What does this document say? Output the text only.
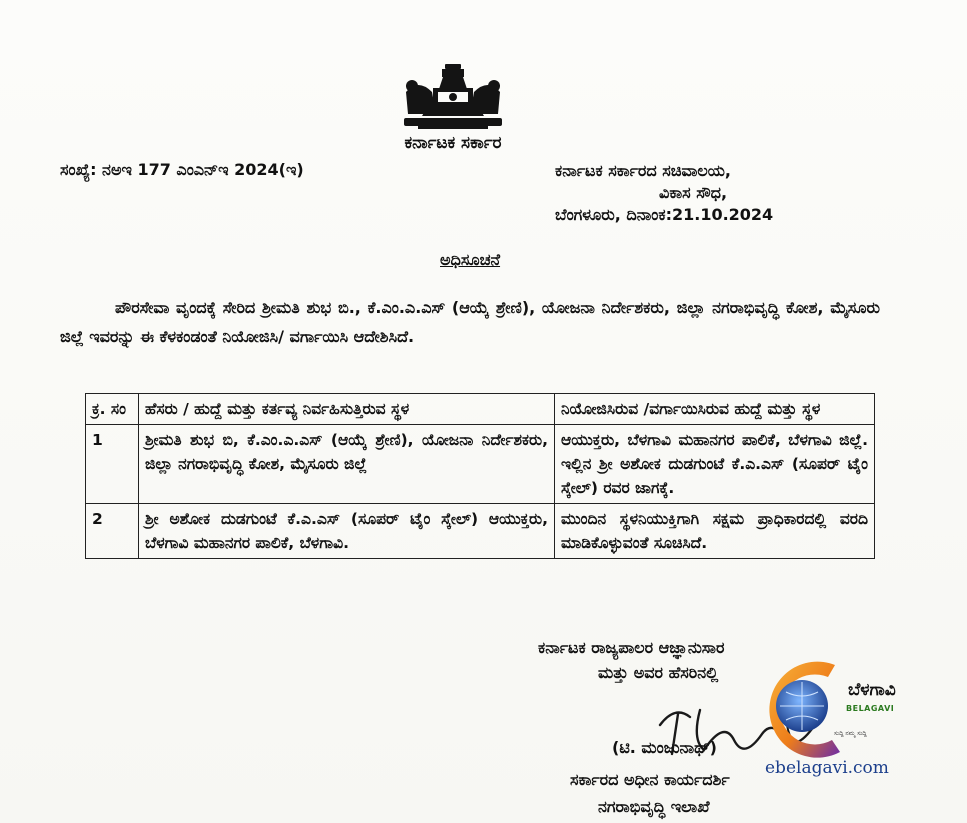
ಕರ್ನಾಟಕ ಸರ್ಕಾರ
ಸಂಖ್ಯೆ: ನಅಇ 177 ಎಂಎನ್‌ಇ 2024(ಇ)	ಕರ್ನಾಟಕ ಸರ್ಕಾರದ ಸಚಿವಾಲಯ,
ವಿಕಾಸ ಸೌಧ,
ಬೆಂಗಳೂರು, ದಿನಾಂಕ:21.10.2024
ಅಧಿಸೂಚನೆ
ಪೌರಸೇವಾ ವೃಂದಕ್ಕೆ ಸೇರಿದ ಶ್ರೀಮತಿ ಶುಭ ಬಿ., ಕೆ.ಎಂ.ಎ.ಎಸ್ (ಆಯ್ಕೆ ಶ್ರೇಣಿ), ಯೋಜನಾ ನಿರ್ದೇಶಕರು, ಜಿಲ್ಲಾ ನಗರಾಭಿವೃದ್ಧಿ ಕೋಶ, ಮೈಸೂರು ಜಿಲ್ಲೆ ಇವರನ್ನು ಈ ಕೆಳಕಂಡಂತೆ ನಿಯೋಜಿಸಿ/ ವರ್ಗಾಯಿಸಿ ಆದೇಶಿಸಿದೆ.
ಕ್ರ. ಸಂ	ಹೆಸರು / ಹುದ್ದೆ ಮತ್ತು ಕರ್ತವ್ಯ ನಿರ್ವಹಿಸುತ್ತಿರುವ ಸ್ಥಳ	ನಿಯೋಜಿಸಿರುವ /ವರ್ಗಾಯಿಸಿರುವ ಹುದ್ದೆ ಮತ್ತು ಸ್ಥಳ
1	ಶ್ರೀಮತಿ ಶುಭ ಬಿ, ಕೆ.ಎಂ.ಎ.ಎಸ್ (ಆಯ್ಕೆ ಶ್ರೇಣಿ), ಯೋಜನಾ ನಿರ್ದೇಶಕರು, ಜಿಲ್ಲಾ ನಗರಾಭಿವೃದ್ಧಿ ಕೋಶ, ಮೈಸೂರು ಜಿಲ್ಲೆ	ಆಯುಕ್ತರು, ಬೆಳಗಾವಿ ಮಹಾನಗರ ಪಾಲಿಕೆ, ಬೆಳಗಾವಿ ಜಿಲ್ಲೆ. ಇಲ್ಲಿನ ಶ್ರೀ ಅಶೋಕ ದುಡಗುಂಟೆ ಕೆ.ಎ.ಎಸ್ (ಸೂಪರ್ ಟೈಂ ಸ್ಕೇಲ್) ರವರ ಜಾಗಕ್ಕೆ.
2	ಶ್ರೀ ಅಶೋಕ ದುಡಗುಂಟೆ ಕೆ.ಎ.ಎಸ್ (ಸೂಪರ್ ಟೈಂ ಸ್ಕೇಲ್) ಆಯುಕ್ತರು, ಬೆಳಗಾವಿ ಮಹಾನಗರ ಪಾಲಿಕೆ, ಬೆಳಗಾವಿ.	ಮುಂದಿನ ಸ್ಥಳನಿಯುಕ್ತಿಗಾಗಿ ಸಕ್ಷಮ ಪ್ರಾಧಿಕಾರದಲ್ಲಿ ವರದಿ ಮಾಡಿಕೊಳ್ಳುವಂತೆ ಸೂಚಿಸಿದೆ.
ಕರ್ನಾಟಕ ರಾಜ್ಯಪಾಲರ ಆಜ್ಞಾನುಸಾರ
ಮತ್ತು ಅವರ ಹೆಸರಿನಲ್ಲಿ
(ಟಿ. ಮಂಜುನಾಥ್)
ಸರ್ಕಾರದ ಅಧೀನ ಕಾರ್ಯದರ್ಶಿ
ನಗರಾಭಿವೃದ್ಧಿ ಇಲಾಖೆ
ಬೆಳಗಾವಿ
BELAGAVI
ಸುದ್ದಿ ನಮ್ಮ ಸುದ್ದಿ
ebelagavi.com
